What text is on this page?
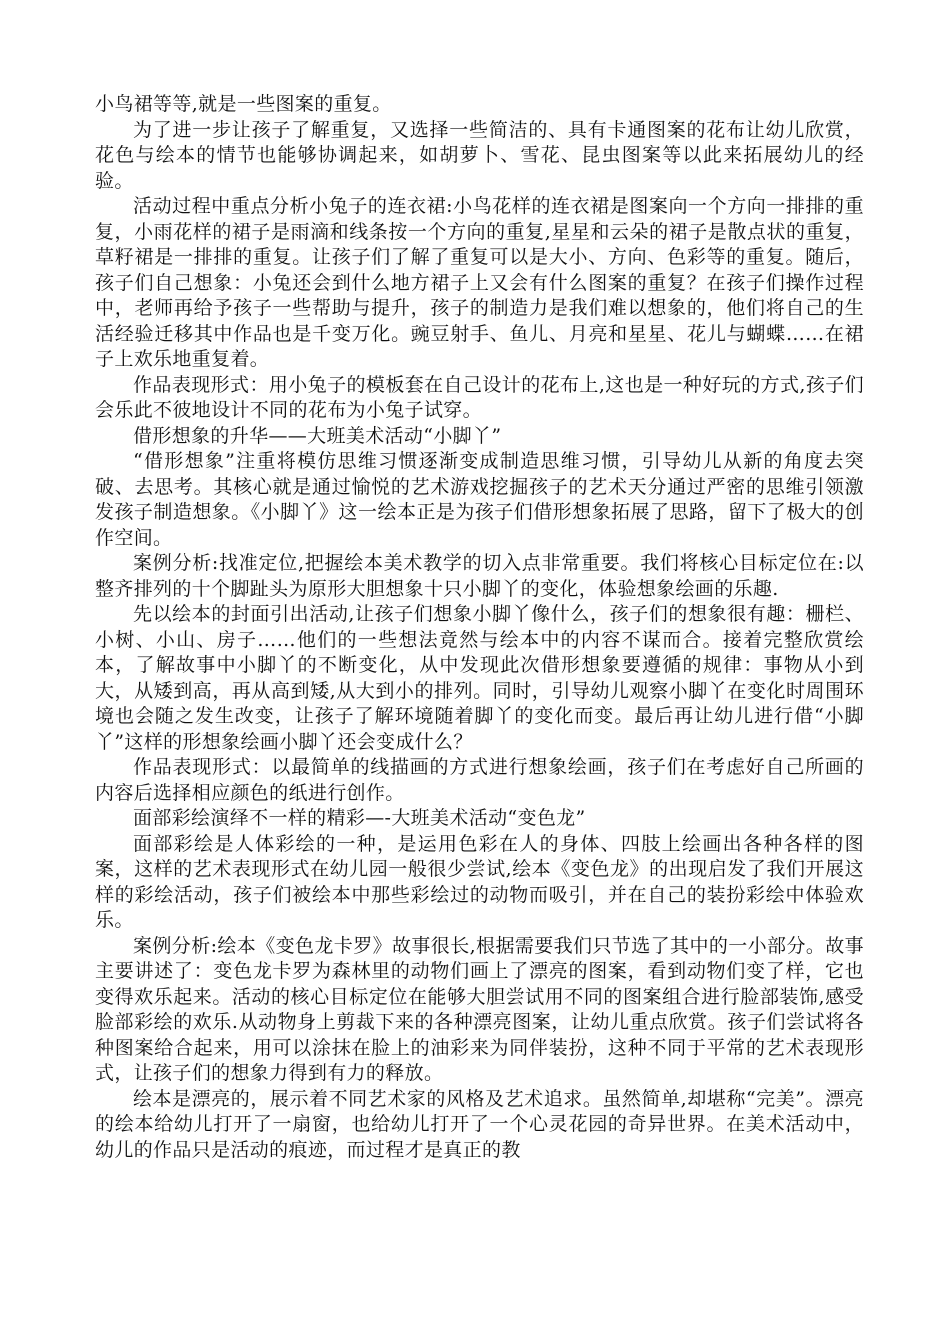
小鸟裙等等,就是一些图案的重复。

为了进一步让孩子了解重复，又选择一些简洁的、具有卡通图案的花布让幼儿欣赏，花色与绘本的情节也能够协调起来，如胡萝卜、雪花、昆虫图案等以此来拓展幼儿的经验。

活动过程中重点分析小兔子的连衣裙:小鸟花样的连衣裙是图案向一个方向一排排的重复，小雨花样的裙子是雨滴和线条按一个方向的重复,星星和云朵的裙子是散点状的重复，草籽裙是一排排的重复。让孩子们了解了重复可以是大小、方向、色彩等的重复。随后，孩子们自己想象：小兔还会到什么地方裙子上又会有什么图案的重复？在孩子们操作过程中，老师再给予孩子一些帮助与提升，孩子的制造力是我们难以想象的，他们将自己的生活经验迁移其中作品也是千变万化。豌豆射手、鱼儿、月亮和星星、花儿与蝴蝶……在裙子上欢乐地重复着。

作品表现形式：用小兔子的模板套在自己设计的花布上,这也是一种好玩的方式,孩子们会乐此不彼地设计不同的花布为小兔子试穿。

借形想象的升华——大班美术活动“小脚丫”

“借形想象”注重将模仿思维习惯逐渐变成制造思维习惯，引导幼儿从新的角度去突破、去思考。其核心就是通过愉悦的艺术游戏挖掘孩子的艺术天分通过严密的思维引领激发孩子制造想象。《小脚丫》这一绘本正是为孩子们借形想象拓展了思路，留下了极大的创作空间。

案例分析:找准定位,把握绘本美术教学的切入点非常重要。我们将核心目标定位在:以整齐排列的十个脚趾头为原形大胆想象十只小脚丫的变化，体验想象绘画的乐趣.

先以绘本的封面引出活动,让孩子们想象小脚丫像什么，孩子们的想象很有趣：栅栏、小树、小山、房子……他们的一些想法竟然与绘本中的内容不谋而合。接着完整欣赏绘本，了解故事中小脚丫的不断变化，从中发现此次借形想象要遵循的规律：事物从小到大，从矮到高，再从高到矮,从大到小的排列。同时，引导幼儿观察小脚丫在变化时周围环境也会随之发生改变，让孩子了解环境随着脚丫的变化而变。最后再让幼儿进行借“小脚丫”这样的形想象绘画小脚丫还会变成什么？

作品表现形式：以最简单的线描画的方式进行想象绘画，孩子们在考虑好自己所画的内容后选择相应颜色的纸进行创作。

面部彩绘演绎不一样的精彩—-大班美术活动“变色龙”

面部彩绘是人体彩绘的一种，是运用色彩在人的身体、四肢上绘画出各种各样的图案，这样的艺术表现形式在幼儿园一般很少尝试,绘本《变色龙》的出现启发了我们开展这样的彩绘活动，孩子们被绘本中那些彩绘过的动物而吸引，并在自己的装扮彩绘中体验欢乐。

案例分析:绘本《变色龙卡罗》故事很长,根据需要我们只节选了其中的一小部分。故事主要讲述了：变色龙卡罗为森林里的动物们画上了漂亮的图案，看到动物们变了样，它也变得欢乐起来。活动的核心目标定位在能够大胆尝试用不同的图案组合进行脸部装饰,感受脸部彩绘的欢乐.从动物身上剪裁下来的各种漂亮图案，让幼儿重点欣赏。孩子们尝试将各种图案给合起来，用可以涂抹在脸上的油彩来为同伴装扮，这种不同于平常的艺术表现形式，让孩子们的想象力得到有力的释放。

绘本是漂亮的，展示着不同艺术家的风格及艺术追求。虽然简单,却堪称“完美”。漂亮的绘本给幼儿打开了一扇窗，也给幼儿打开了一个心灵花园的奇异世界。在美术活动中，幼儿的作品只是活动的痕迹，而过程才是真正的教
